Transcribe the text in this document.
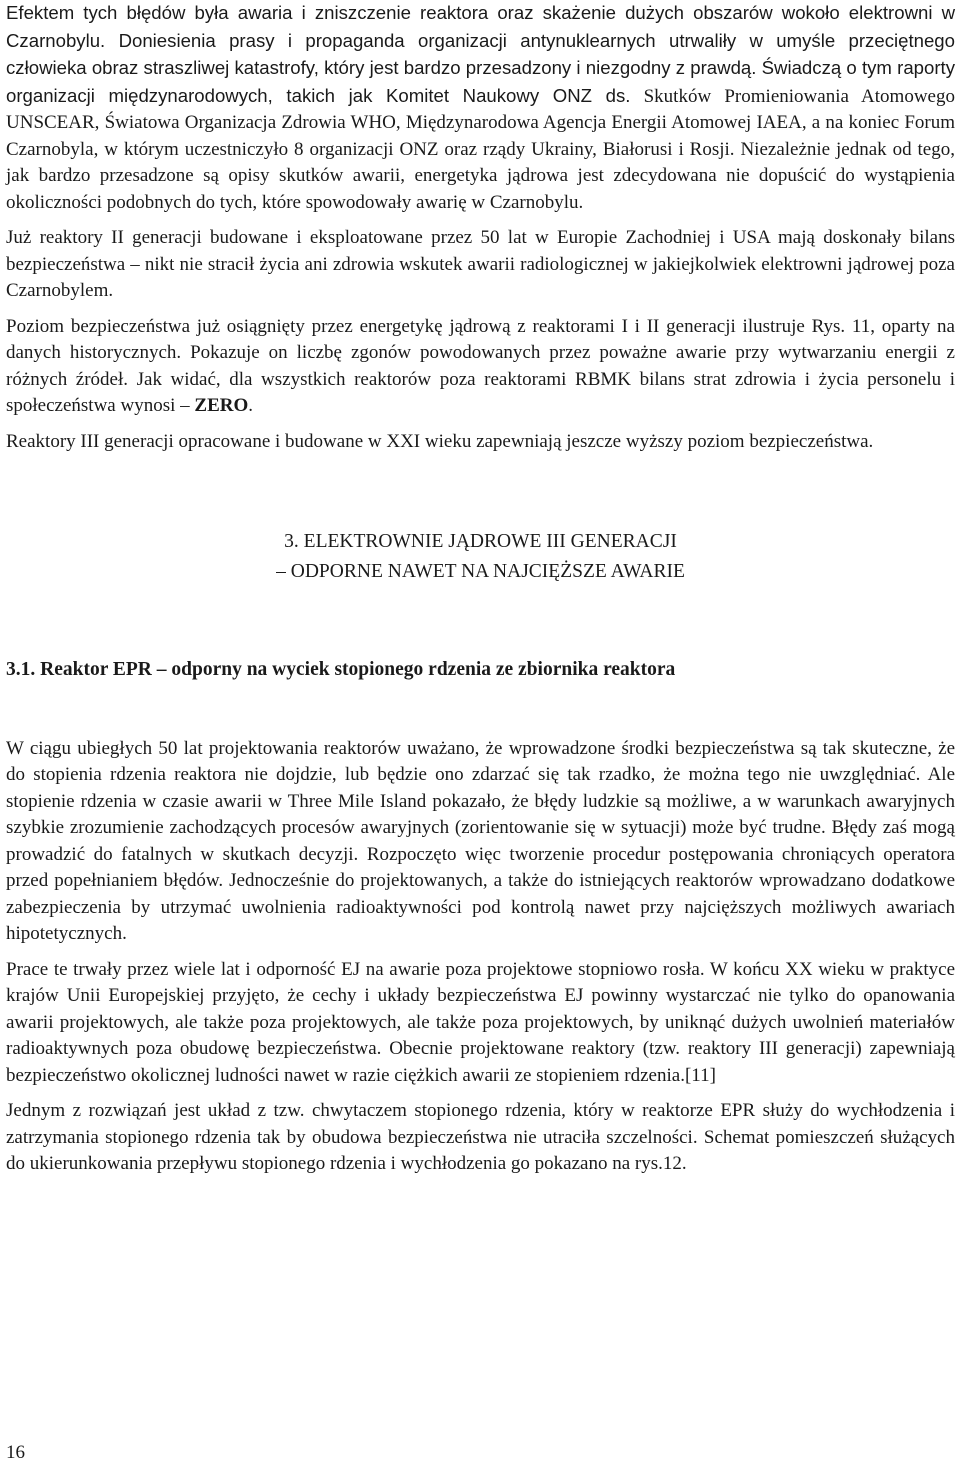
Efektem tych błędów była awaria i zniszczenie reaktora oraz skażenie dużych obszarów wokoło elektrowni w Czarnobylu. Doniesienia prasy i propaganda organizacji antynuklearnych utrwaliły w umyśle przeciętnego człowieka obraz straszliwej katastrofy, który jest bardzo przesadzony i niezgodny z prawdą. Świadczą o tym raporty organizacji międzynarodowych, takich jak Komitet Naukowy ONZ ds. Skutków Promieniowania Atomowego UNSCEAR, Światowa Organizacja Zdrowia WHO, Międzynarodowa Agencja Energii Atomowej IAEA, a na koniec Forum Czarnobyla, w którym uczestniczyło 8 organizacji ONZ oraz rządy Ukrainy, Białorusi i Rosji. Niezależnie jednak od tego, jak bardzo przesadzone są opisy skutków awarii, energetyka jądrowa jest zdecydowana nie dopuścić do wystąpienia okoliczności podobnych do tych, które spowodowały awarię w Czarnobylu.

Już reaktory II generacji budowane i eksploatowane przez 50 lat w Europie Zachodniej i USA mają doskonały bilans bezpieczeństwa – nikt nie stracił życia ani zdrowia wskutek awarii radiologicznej w jakiejkolwiek elektrowni jądrowej poza Czarnobylem.

Poziom bezpieczeństwa już osiągnięty przez energetykę jądrową z reaktorami I i II generacji ilustruje Rys. 11, oparty na danych historycznych. Pokazuje on liczbę zgonów powodowanych przez poważne awarie przy wytwarzaniu energii z różnych źródeł. Jak widać, dla wszystkich reaktorów poza reaktorami RBMK bilans strat zdrowia i życia personelu i społeczeństwa wynosi – ZERO.

Reaktory III generacji opracowane i budowane w XXI wieku zapewniają jeszcze wyższy poziom bezpieczeństwa.

3. ELEKTROWNIE JĄDROWE III GENERACJI
– ODPORNE NAWET NA NAJCIĘŻSZE AWARIE
3.1. Reaktor EPR – odporny na wyciek stopionego rdzenia ze zbiornika reaktora

W ciągu ubiegłych 50 lat projektowania reaktorów uważano, że wprowadzone środki bezpieczeństwa są tak skuteczne, że do stopienia rdzenia reaktora nie dojdzie, lub będzie ono zdarzać się tak rzadko, że można tego nie uwzględniać. Ale stopienie rdzenia w czasie awarii w Three Mile Island pokazało, że błędy ludzkie są możliwe, a w warunkach awaryjnych szybkie zrozumienie zachodzących procesów awaryjnych (zorientowanie się w sytuacji) może być trudne. Błędy zaś mogą prowadzić do fatalnych w skutkach decyzji. Rozpoczęto więc tworzenie procedur postępowania chroniących operatora przed popełnianiem błędów. Jednocześnie do projektowanych, a także do istniejących reaktorów wprowadzano dodatkowe zabezpieczenia by utrzymać uwolnienia radioaktywności pod kontrolą nawet przy najcięższych możliwych awariach hipotetycznych.

Prace te trwały przez wiele lat i odporność EJ na awarie poza projektowe stopniowo rosła. W końcu XX wieku w praktyce krajów Unii Europejskiej przyjęto, że cechy i układy bezpieczeństwa EJ powinny wystarczać nie tylko do opanowania awarii projektowych, ale także poza projektowych, ale także poza projektowych, by uniknąć dużych uwolnień materiałów radioaktywnych poza obudowę bezpieczeństwa. Obecnie projektowane reaktory (tzw. reaktory III generacji) zapewniają bezpieczeństwo okolicznej ludności nawet w razie ciężkich awarii ze stopieniem rdzenia.[11]

Jednym z rozwiązań jest układ z tzw. chwytaczem stopionego rdzenia, który w reaktorze EPR służy do wychłodzenia i zatrzymania stopionego rdzenia tak by obudowa bezpieczeństwa nie utraciła szczelności. Schemat pomieszczeń służących do ukierunkowania przepływu stopionego rdzenia i wychłodzenia go pokazano na rys.12.

16
